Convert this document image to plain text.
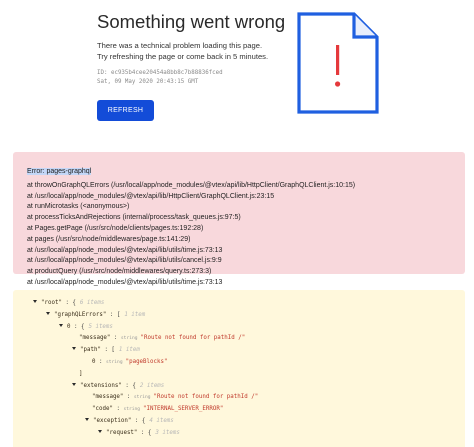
Something went wrong
There was a technical problem loading this page.
Try refreshing the page or come back in 5 minutes.
ID: ec935b4cee20454a8bb8c7b88836fced
Sat, 09 May 2020 20:43:15 GMT
REFRESH
Error: pages-graphql
at throwOnGraphQLErrors (/usr/local/app/node_modules/@vtex/api/lib/HttpClient/GraphQLClient.js:10:15)
at /usr/local/app/node_modules/@vtex/api/lib/HttpClient/GraphQLClient.js:23:15
at runMicrotasks (<anonymous>)
at processTicksAndRejections (internal/process/task_queues.js:97:5)
at Pages.getPage (/usr/src/node/clients/pages.ts:192:28)
at pages (/usr/src/node/middlewares/page.ts:141:29)
at /usr/local/app/node_modules/@vtex/api/lib/utils/time.js:73:13
at /usr/local/app/node_modules/@vtex/api/lib/utils/cancel.js:9:9
at productQuery (/usr/src/node/middlewares/query.ts:273:3)
at /usr/local/app/node_modules/@vtex/api/lib/utils/time.js:73:13
"root" : { 6 items
"graphQLErrors" : [ 1 item
0 : { 5 items
"message" : string "Route not found for pathId /"
"path" : [ 1 item
0 : string "pageBlocks"
]
"extensions" : { 2 items
"message" : string "Route not found for pathId /"
"code" : string "INTERNAL_SERVER_ERROR"
"exception" : { 4 items
"request" : { 3 items
